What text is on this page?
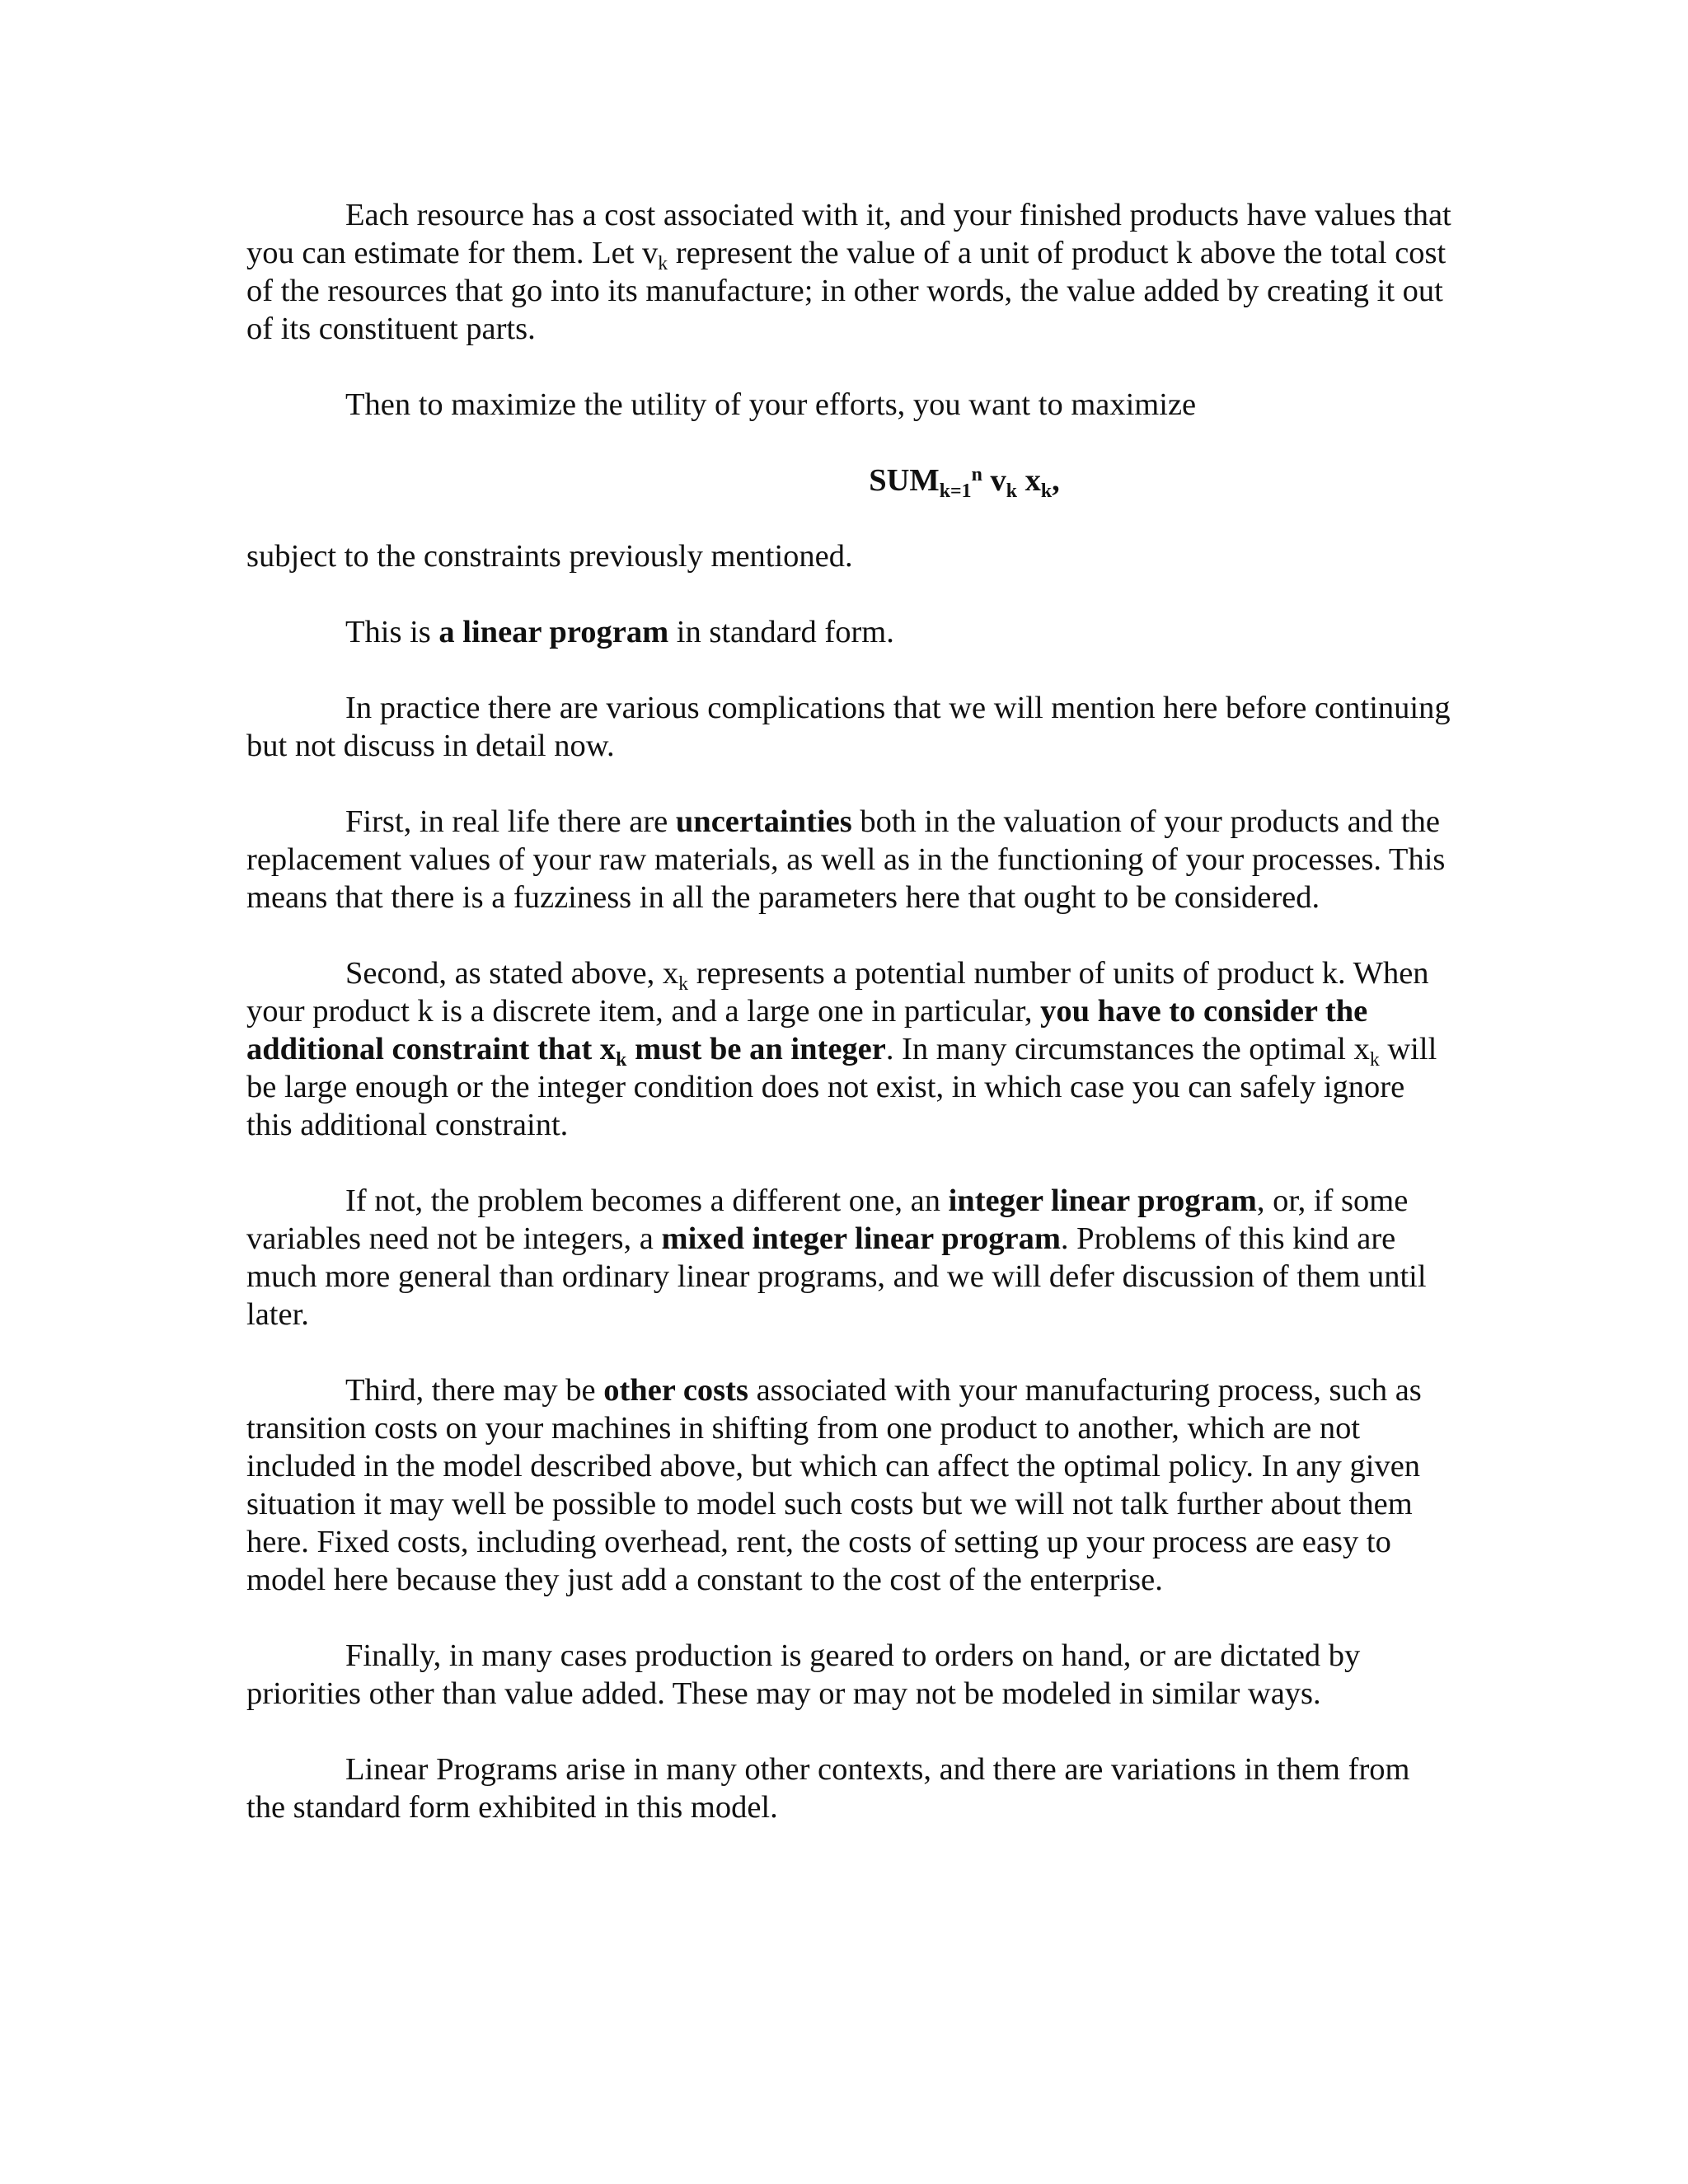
Each resource has a cost associated with it, and your finished products have values that you can estimate for them. Let $v_k$ represent the value of a unit of product k above the total cost of the resources that go into its manufacture; in other words, the value added by creating it out of its constituent parts.

Then to maximize the utility of your efforts, you want to maximize

$SUM_{k=1}^n$ $v_k$ $x_k$,

subject to the constraints previously mentioned.

This is a linear program in standard form.

In practice there are various complications that we will mention here before continuing but not discuss in detail now.

First, in real life there are uncertainties both in the valuation of your products and the replacement values of your raw materials, as well as in the functioning of your processes. This means that there is a fuzziness in all the parameters here that ought to be considered.

Second, as stated above, $x_k$ represents a potential number of units of product k. When your product k is a discrete item, and a large one in particular, you have to consider the additional constraint that $x_k$ must be an integer. In many circumstances the optimal $x_k$ will be large enough or the integer condition does not exist, in which case you can safely ignore this additional constraint.

If not, the problem becomes a different one, an integer linear program, or, if some variables need not be integers, a mixed integer linear program. Problems of this kind are much more general than ordinary linear programs, and we will defer discussion of them until later.

Third, there may be other costs associated with your manufacturing process, such as transition costs on your machines in shifting from one product to another, which are not included in the model described above, but which can affect the optimal policy. In any given situation it may well be possible to model such costs but we will not talk further about them here. Fixed costs, including overhead, rent, the costs of setting up your process are easy to model here because they just add a constant to the cost of the enterprise.

Finally, in many cases production is geared to orders on hand, or are dictated by priorities other than value added. These may or may not be modeled in similar ways.

Linear Programs arise in many other contexts, and there are variations in them from the standard form exhibited in this model.
